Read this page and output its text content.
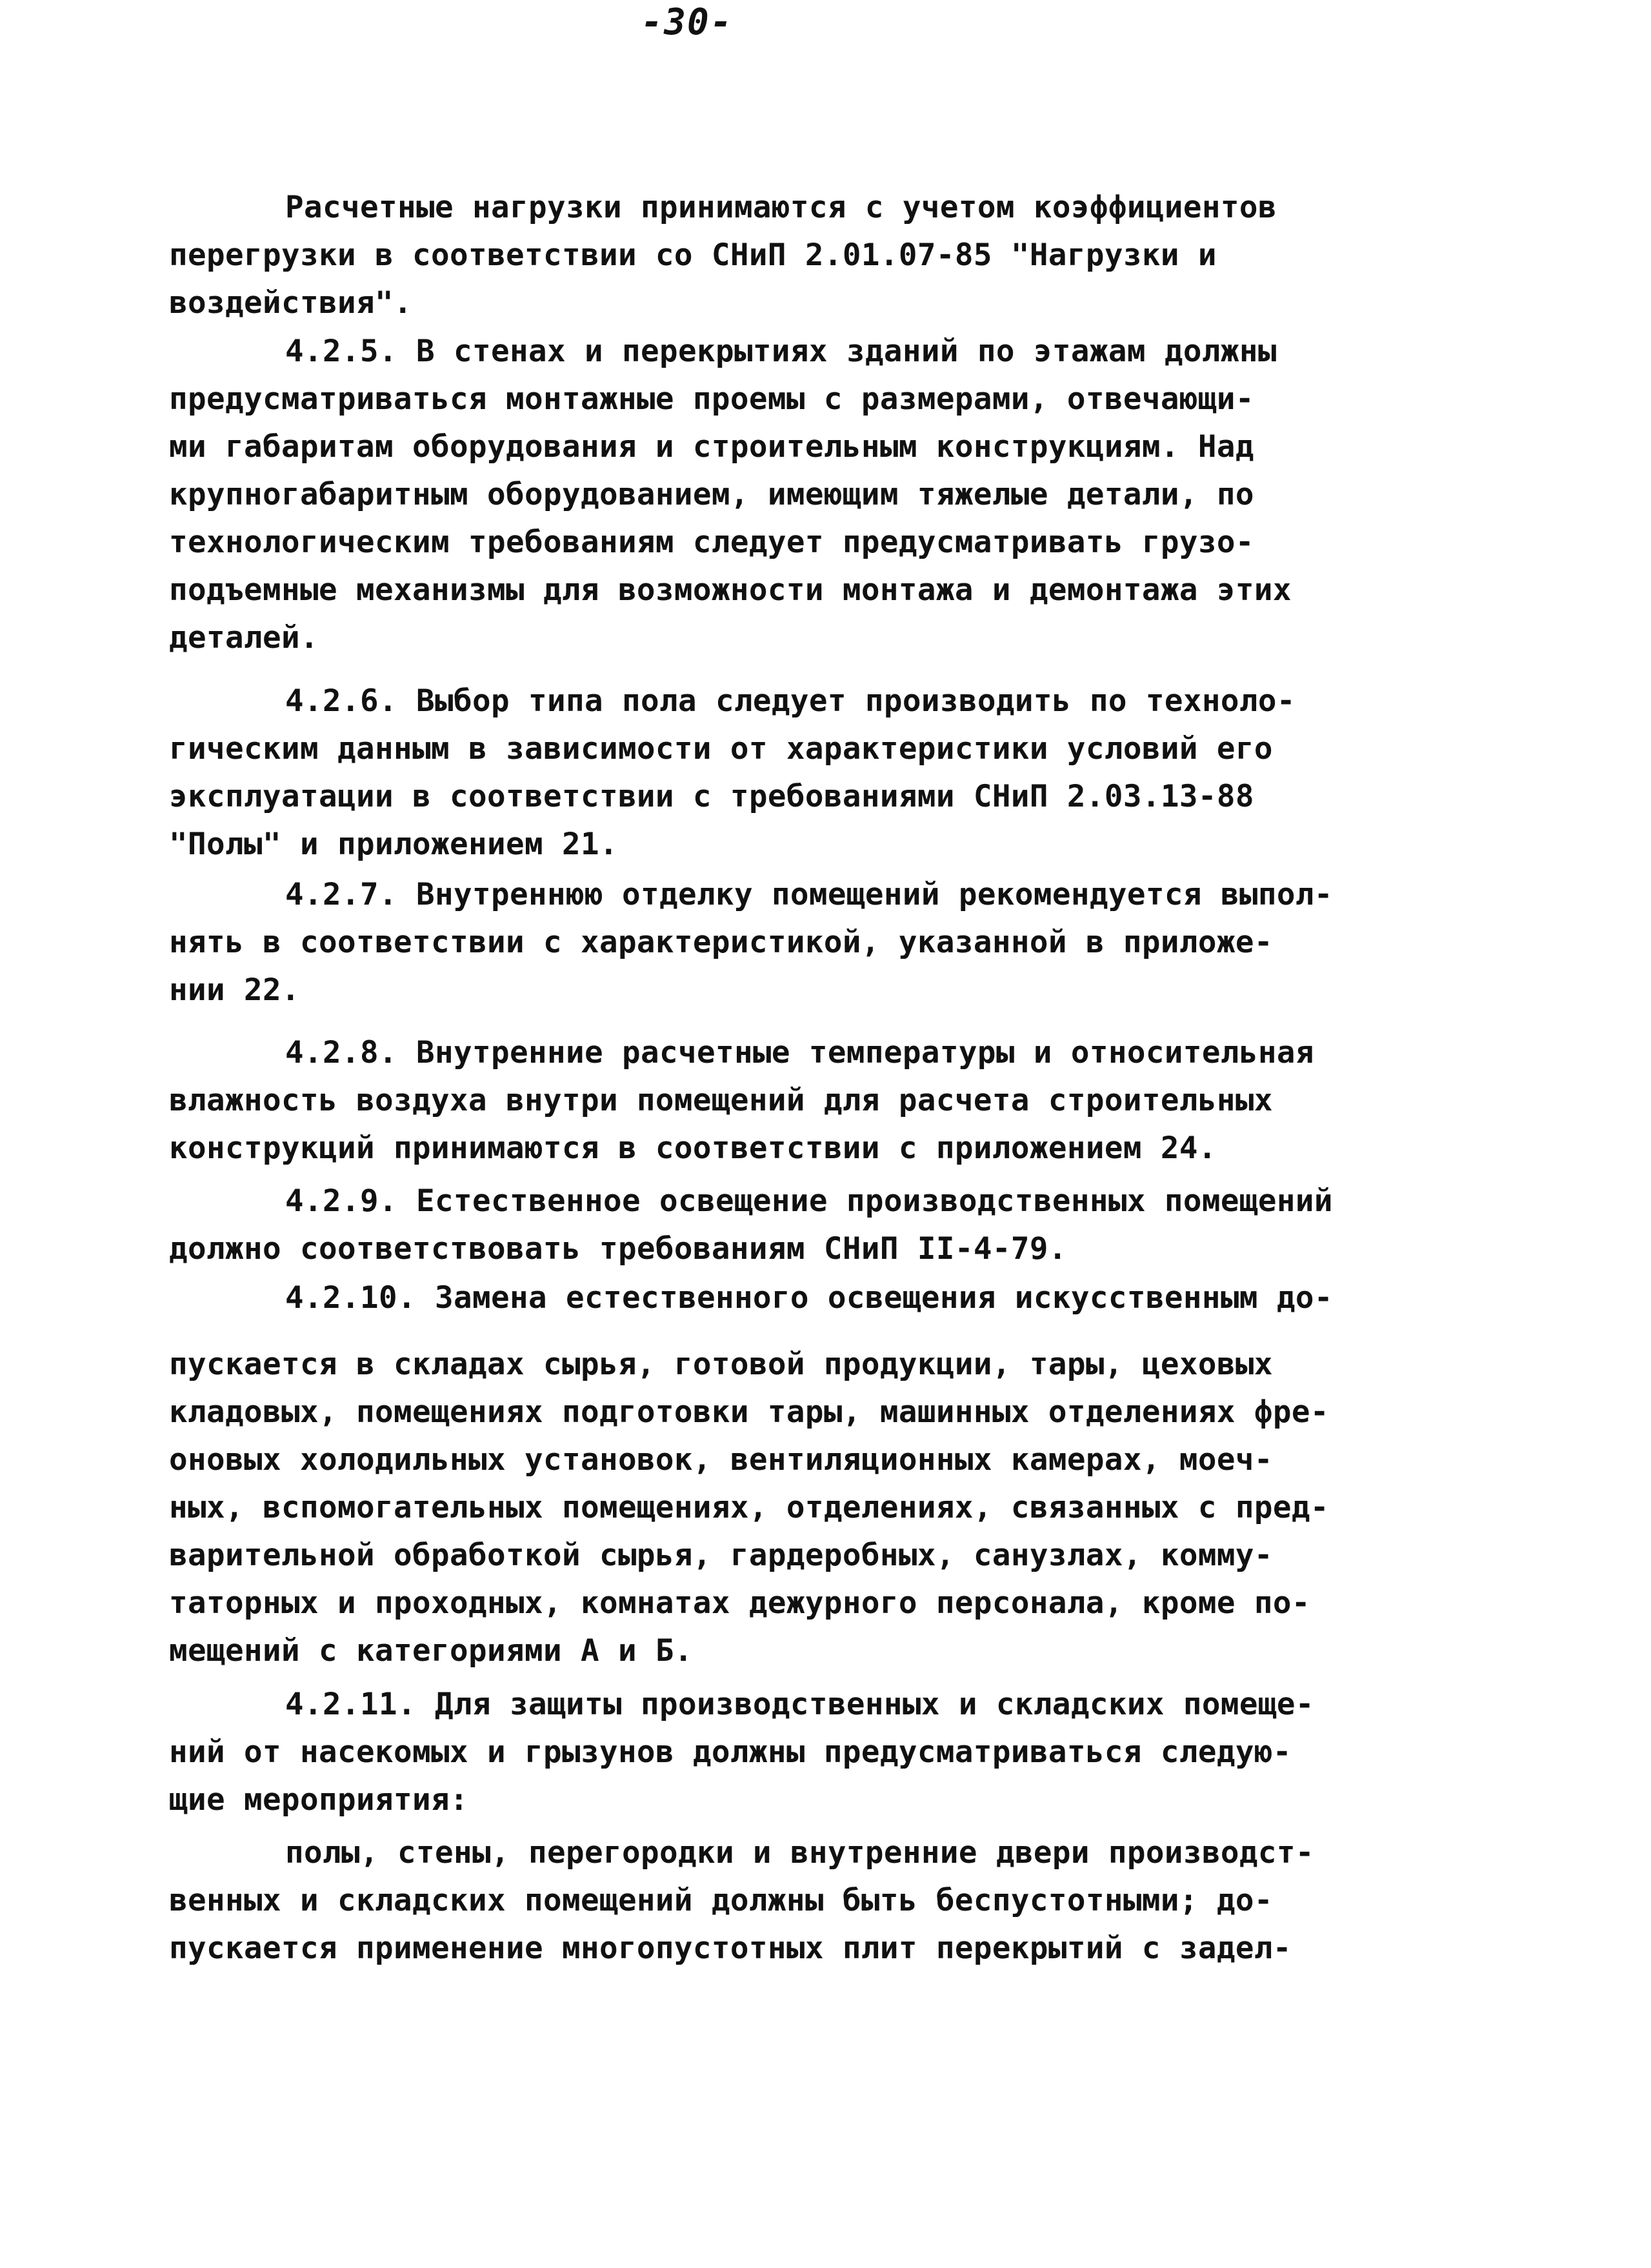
-30-
Расчетные нагрузки принимаются с учетом коэффициентов
перегрузки в соответствии со СНиП 2.01.07-85 "Нагрузки и
воздействия".
4.2.5. В стенах и перекрытиях зданий по этажам должны
предусматриваться монтажные проемы с размерами, отвечающи-
ми габаритам оборудования и строительным конструкциям. Над
крупногабаритным оборудованием, имеющим тяжелые детали, по
технологическим требованиям следует предусматривать грузо-
подъемные механизмы для возможности монтажа и демонтажа этих
деталей.
4.2.6. Выбор типа пола следует производить по техноло-
гическим данным в зависимости от характеристики условий его
эксплуатации в соответствии с требованиями СНиП 2.03.13-88
"Полы" и приложением 21.
4.2.7. Внутреннюю отделку помещений рекомендуется выпол-
нять в соответствии с характеристикой, указанной в приложе-
нии 22.
4.2.8. Внутренние расчетные температуры и относительная
влажность воздуха внутри помещений для расчета строительных
конструкций принимаются в соответствии с приложением 24.
4.2.9. Естественное освещение производственных помещений
должно соответствовать требованиям СНиП II-4-79.
4.2.10. Замена естественного освещения искусственным до-
пускается в складах сырья, готовой продукции, тары, цеховых
кладовых, помещениях подготовки тары, машинных отделениях фре-
оновых холодильных установок, вентиляционных камерах, моеч-
ных, вспомогательных помещениях, отделениях, связанных с пред-
варительной обработкой сырья, гардеробных, санузлах, комму-
таторных и проходных, комнатах дежурного персонала, кроме по-
мещений с категориями А и Б.
4.2.11. Для защиты производственных и складских помеще-
ний от насекомых и грызунов должны предусматриваться следую-
щие мероприятия:
полы, стены, перегородки и внутренние двери производст-
венных и складских помещений должны быть беспустотными; до-
пускается применение многопустотных плит перекрытий с задел-
